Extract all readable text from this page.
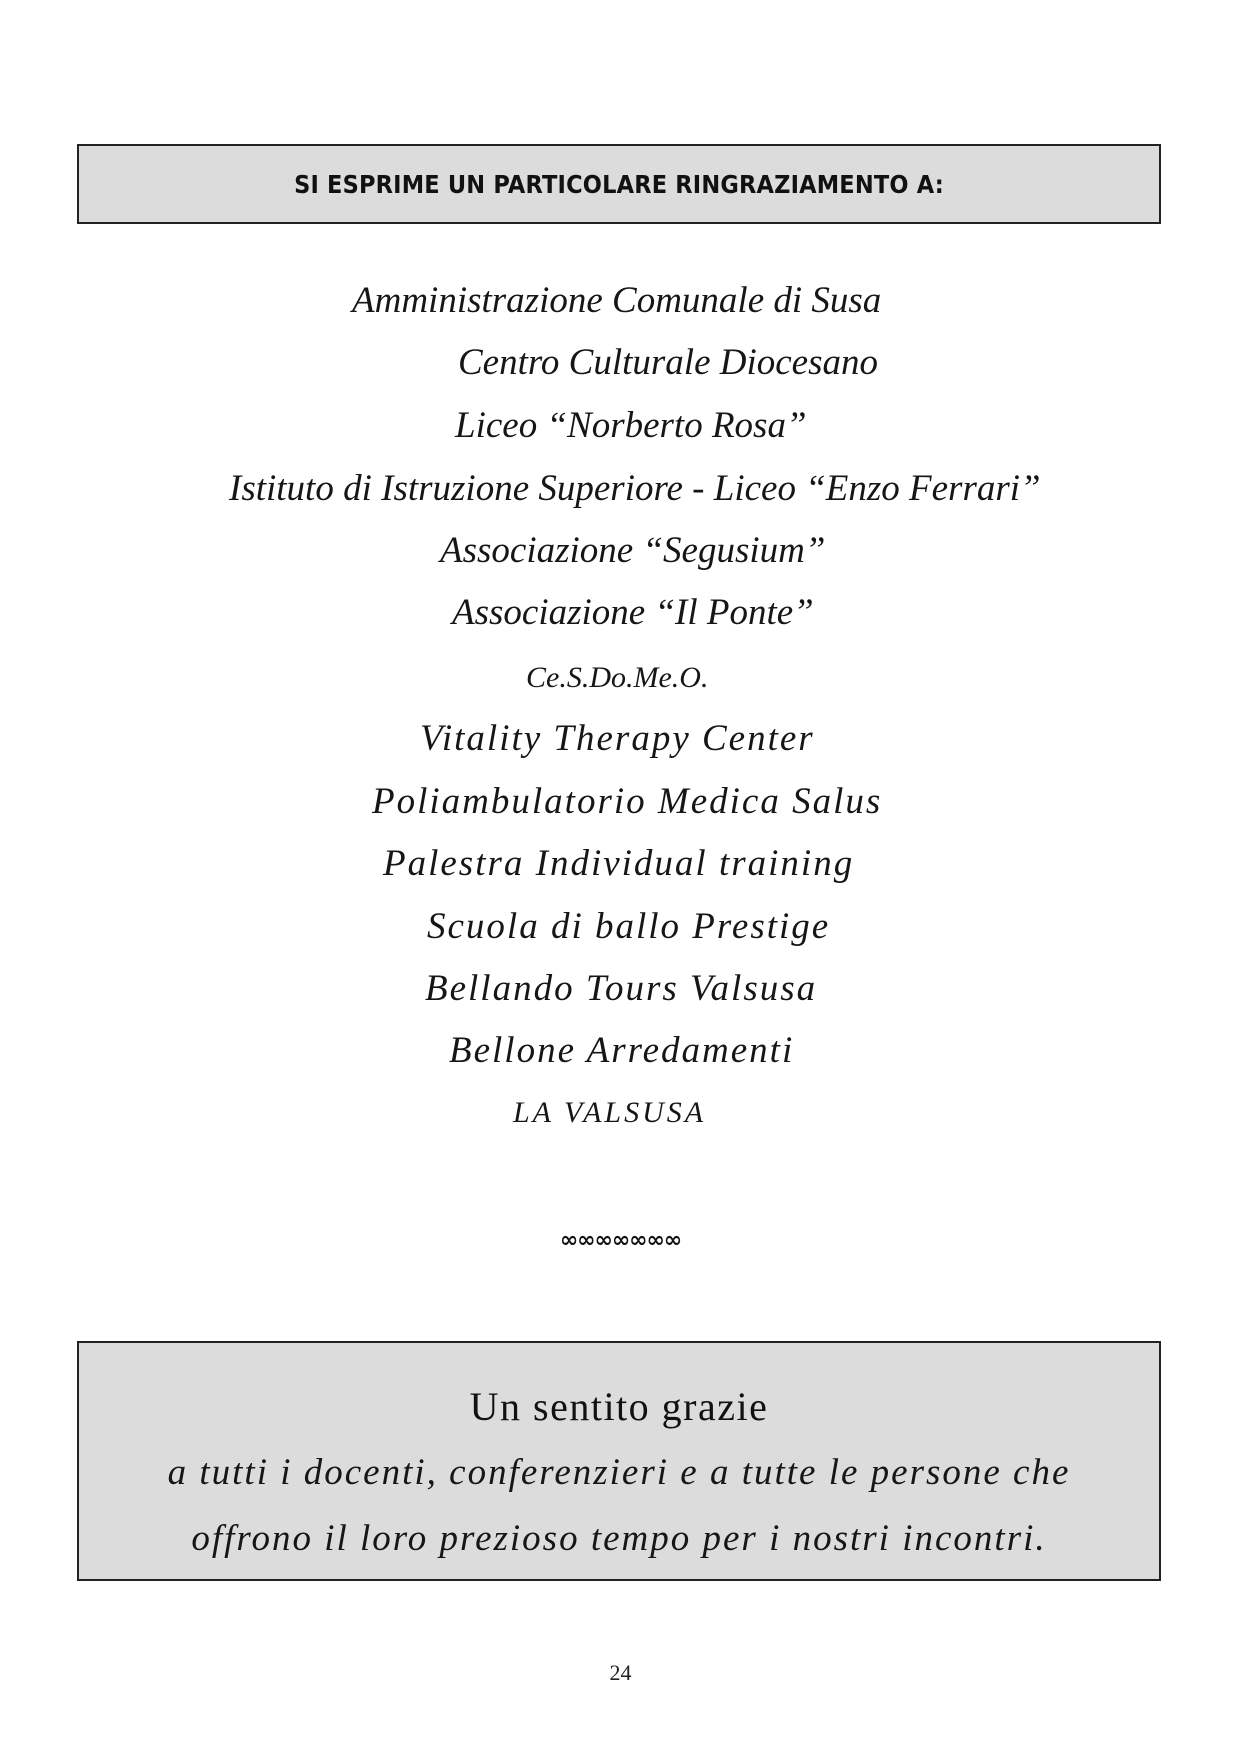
SI ESPRIME UN PARTICOLARE RINGRAZIAMENTO A:
Amministrazione Comunale di Susa
Centro Culturale Diocesano
Liceo “Norberto Rosa”
Istituto di Istruzione Superiore - Liceo “Enzo Ferrari”
Associazione “Segusium”
Associazione “Il Ponte”
Ce.S.Do.Me.O.
Vitality Therapy Center
Poliambulatorio Medica Salus
Palestra Individual training
Scuola di ballo Prestige
Bellando Tours Valsusa
Bellone Arredamenti
LA VALSUSA
∞∞∞∞∞∞∞
Un sentito grazie
a tutti i docenti, conferenzieri e a tutte le persone che
offrono il loro prezioso tempo per i nostri incontri.
24
